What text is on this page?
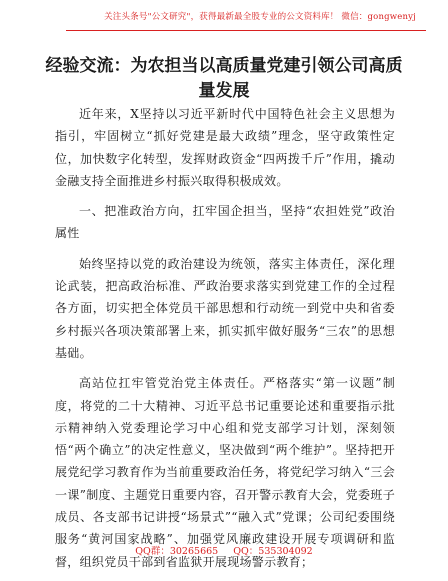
关注头条号"公文研究"，获得最新最全股专业的公文资料库！ 微信：gongwenyj
经验交流：为农担当以高质量党建引领公司高质量发展

近年来，X坚持以习近平新时代中国特色社会主义思想为指引，牢固树立“抓好党建是最大政绩”理念，坚守政策性定位，加快数字化转型，发挥财政资金“四两拨千斤”作用，撬动金融支持全面推进乡村振兴取得积极成效。

一、把准政治方向，扛牢国企担当，坚持“农担姓党”政治属性

始终坚持以党的政治建设为统领，落实主体责任，深化理论武装，把高政治标准、严政治要求落实到党建工作的全过程各方面，切实把全体党员干部思想和行动统一到党中央和省委乡村振兴各项决策部署上来，抓实抓牢做好服务“三农”的思想基础。

高站位扛牢管党治党主体责任。严格落实“第一议题”制度，将党的二十大精神、习近平总书记重要论述和重要指示批示精神纳入党委理论学习中心组和党支部学习计划，深刻领悟“两个确立”的决定性意义，坚决做到“两个维护”。坚持把开展党纪学习教育作为当前重要政治任务，将党纪学习纳入“三会一课”制度、主题党日重要内容，召开警示教育大会，党委班子成员、各支部书记讲授“场景式”“融入式”党课；公司纪委围绕服务“黄河国家战略”、加强党风廉政建设开展专项调研和监督，组织党员干部到省监狱开展现场警示教育；

QQ群：30265665 QQ：535304092
